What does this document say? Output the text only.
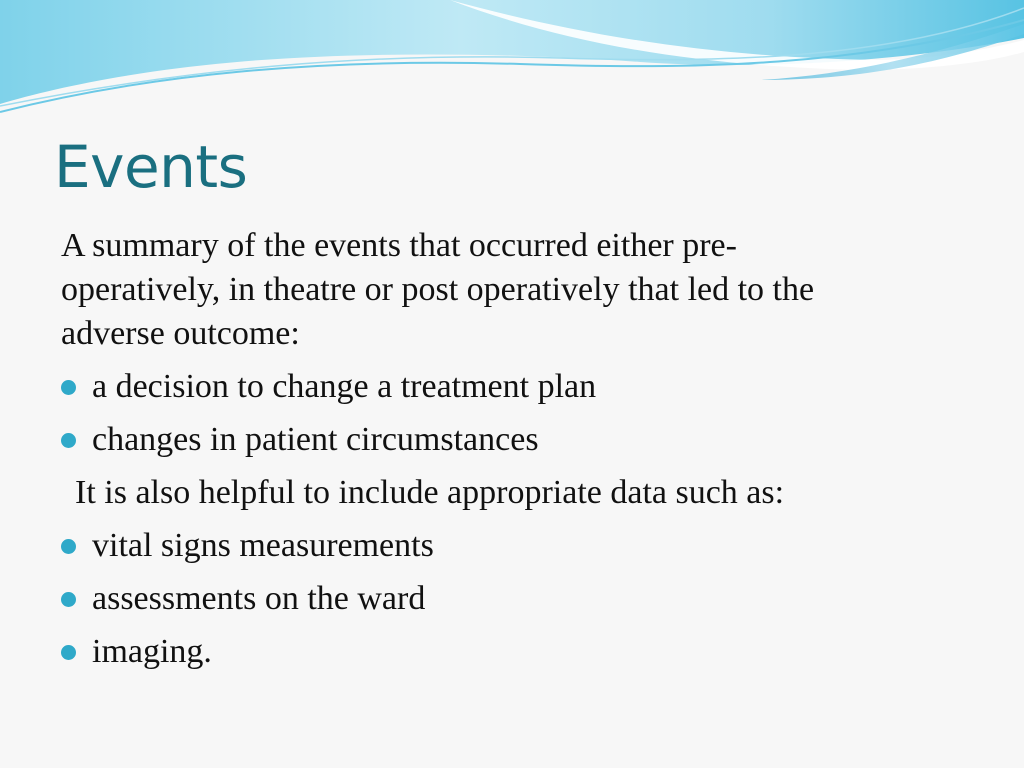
Events

A summary of the events that occurred either pre-
operatively, in theatre or post operatively that led to the
adverse outcome:

a decision to change a treatment plan
changes in patient circumstances

It is also helpful to include appropriate data such as:

vital signs measurements
assessments on the ward
imaging.
